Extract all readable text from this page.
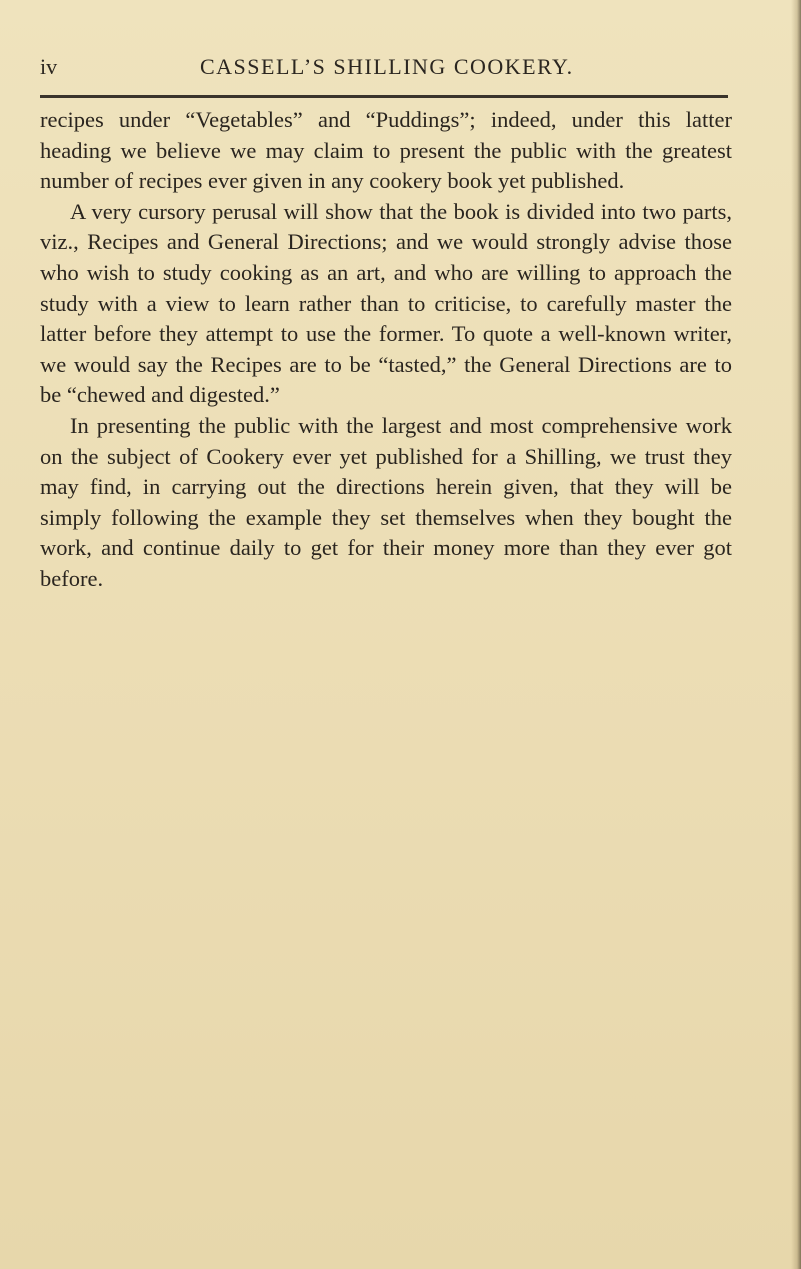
iv	CASSELL’S SHILLING COOKERY.

recipes under “Vegetables” and “Puddings”; indeed, under this latter heading we believe we may claim to present the public with the greatest number of recipes ever given in any cookery book yet published.

A very cursory perusal will show that the book is divided into two parts, viz., Recipes and General Directions; and we would strongly advise those who wish to study cooking as an art, and who are willing to approach the study with a view to learn rather than to criticise, to carefully master the latter before they attempt to use the former. To quote a well-known writer, we would say the Recipes are to be “tasted,” the General Directions are to be “chewed and digested.”

In presenting the public with the largest and most comprehensive work on the subject of Cookery ever yet published for a Shilling, we trust they may find, in carrying out the directions herein given, that they will be simply following the example they set themselves when they bought the work, and continue daily to get for their money more than they ever got before.
